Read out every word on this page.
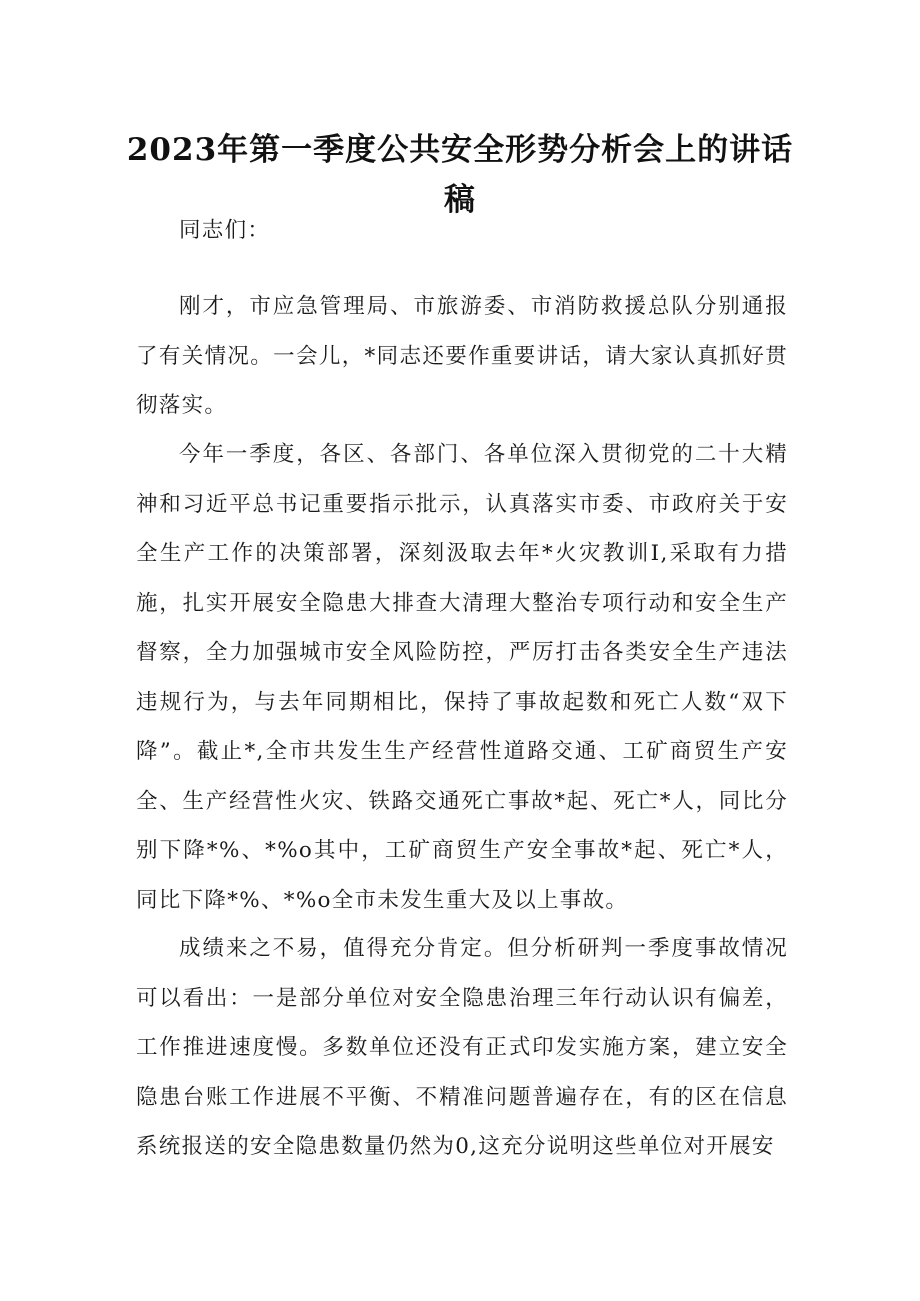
2023年第一季度公共安全形势分析会上的讲话稿

同志们：

刚才，市应急管理局、市旅游委、市消防救援总队分别通报了有关情况。一会儿，*同志还要作重要讲话，请大家认真抓好贯彻落实。

今年一季度，各区、各部门、各单位深入贯彻党的二十大精神和习近平总书记重要指示批示，认真落实市委、市政府关于安全生产工作的决策部署，深刻汲取去年*火灾教训I,采取有力措施，扎实开展安全隐患大排查大清理大整治专项行动和安全生产督察，全力加强城市安全风险防控，严厉打击各类安全生产违法违规行为，与去年同期相比，保持了事故起数和死亡人数“双下降”。截止*,全市共发生生产经营性道路交通、工矿商贸生产安全、生产经营性火灾、铁路交通死亡事故*起、死亡*人，同比分别下降*%、*%o其中，工矿商贸生产安全事故*起、死亡*人，同比下降*%、*%o全市未发生重大及以上事故。

成绩来之不易，值得充分肯定。但分析研判一季度事故情况可以看出：一是部分单位对安全隐患治理三年行动认识有偏差，工作推进速度慢。多数单位还没有正式印发实施方案，建立安全隐患台账工作进展不平衡、不精准问题普遍存在，有的区在信息系统报送的安全隐患数量仍然为0,这充分说明这些单位对开展安
